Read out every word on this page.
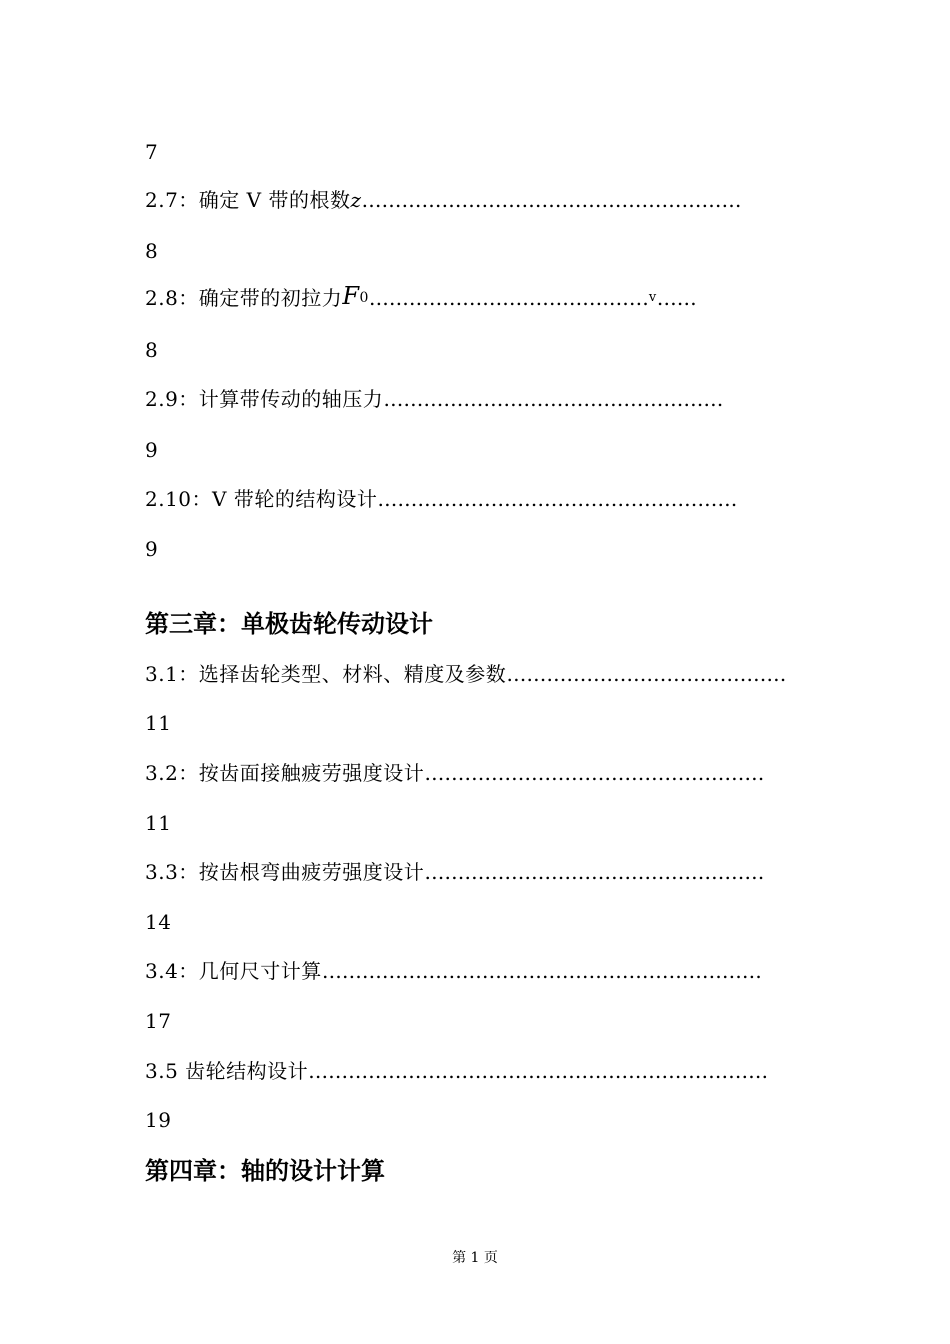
7
2.7：确定 V 带的根数 z …………………………………………………
8
2.8：确定带的初拉力 F 0 …………………………………… v ……
8
2.9：计算带传动的轴压力 ……………………………………………
9
2.10：V 带轮的结构设计 ………………………………………………
9
第三章：单极齿轮传动设计
3.1：选择齿轮类型、材料、精度及参数 ……………………………………
11
3.2：按齿面接触疲劳强度设计 ……………………………………………
11
3.3：按齿根弯曲疲劳强度设计 ……………………………………………
14
3.4：几何尺寸计算 …………………………………………………………
17
3.5 齿轮结构设计 ……………………………………………………………
19
第四章：轴的设计计算
第 1 页
